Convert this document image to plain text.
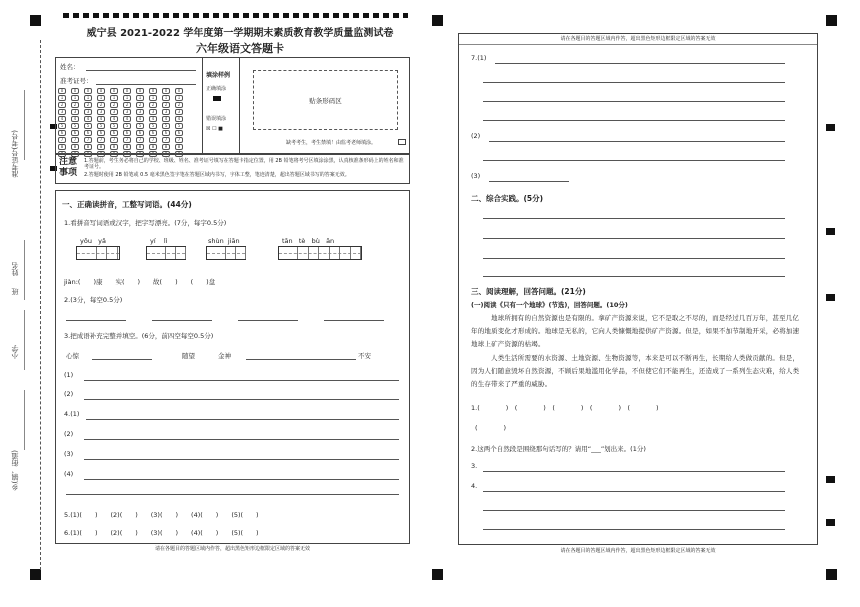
准考证号(考号)
姓名
班
小学
乡(镇、街道)
威宁县 2021-2022 学年度第一学期期末素质教育教学质量监测试卷
六年级语文答题卡
姓名：
准考证号：
0
1
2
3
4
5
6
7
8
9
0
1
2
3
4
5
6
7
8
9
0
1
2
3
4
5
6
7
8
9
0
1
2
3
4
5
6
7
8
9
0
1
2
3
4
5
6
7
8
9
0
1
2
3
4
5
6
7
8
9
0
1
2
3
4
5
6
7
8
9
0
1
2
3
4
5
6
7
8
9
0
1
2
3
4
5
6
7
8
9
0
1
2
3
4
5
6
7
8
9
填涂样例
正确填涂
错误填涂
☒ ☐ ■
贴条形码区
缺考考生，考生禁填！由监考老师填涂。
注意事项
1.答题前，考生务必将自己的学校、班级、姓名、准考证号填写在答题卡指定位置，用 2B 铅笔将考号区填涂涂黑，认真核准条形码上的姓名和准考证号。
2.答题时使用 2B 铅笔或 0.5 毫米黑色签字笔在答题区域内书写，字体工整，笔迹清楚，超出答题区域书写的答案无效。
一、正确读拼音，工整写词语。(44分)
1.看拼音写词语或汉字，把字写漂亮。(7分，每字0.5分)
yōu yǎ	yí lì	shùn jiān	tān tè bù ān
jiàn:(　　)康　　实(　　)　　故(　　)　　(　　)盘
2.(3分，每空0.5分)
3.把成语补充完整并填空。(6分，前四空每空0.5分)
心惊	随望	金神	不安
(1)
(2)
4.(1)
(2)
(3)
(4)
5.(1)(　　)　　(2)(　　)　　(3)(　　)　　(4)(　　)　　(5)(　　)
6.(1)(　　)　　(2)(　　)　　(3)(　　)　　(4)(　　)　　(5)(　　)
请在各题目的答题区域内作答，超出黑色矩形边框限定区域的答案无效
请在各题目的答题区域内作答，超出黑色矩形边框限定区域的答案无效
7.(1)
(2)
(3)
二、综合实践。(5分)
三、阅读理解，回答问题。(21分)
(一)阅读《只有一个地球》(节选)，回答问题。(10分)
地球所拥有的自然资源也是有限的。拿矿产资源来说，它不是取之不尽的，而是经过几百万年，甚至几亿年的地质变化才形成的。地球是无私的，它向人类慷慨地提供矿产资源。但是，如果不加节制地开采，必将加速地球上矿产资源的枯竭。
人类生活所需要的水资源、土地资源、生物资源等，本来是可以不断再生，长期给人类做贡献的。但是，因为人们随意毁坏自然资源，不顾后果地滥用化学品，不但使它们不能再生，还造成了一系列生态灾难，给人类的生存带来了严重的威胁。
1.(　　　　)　(　　　　)　(　　　　)　(　　　　)　(　　　　)
(　　　　)
2.这两个自然段是围绕那句话写的？请用“___”划出来。(1分)
3.
4.
请在各题目的答题区域内作答，超出黑色矩形边框限定区域的答案无效
